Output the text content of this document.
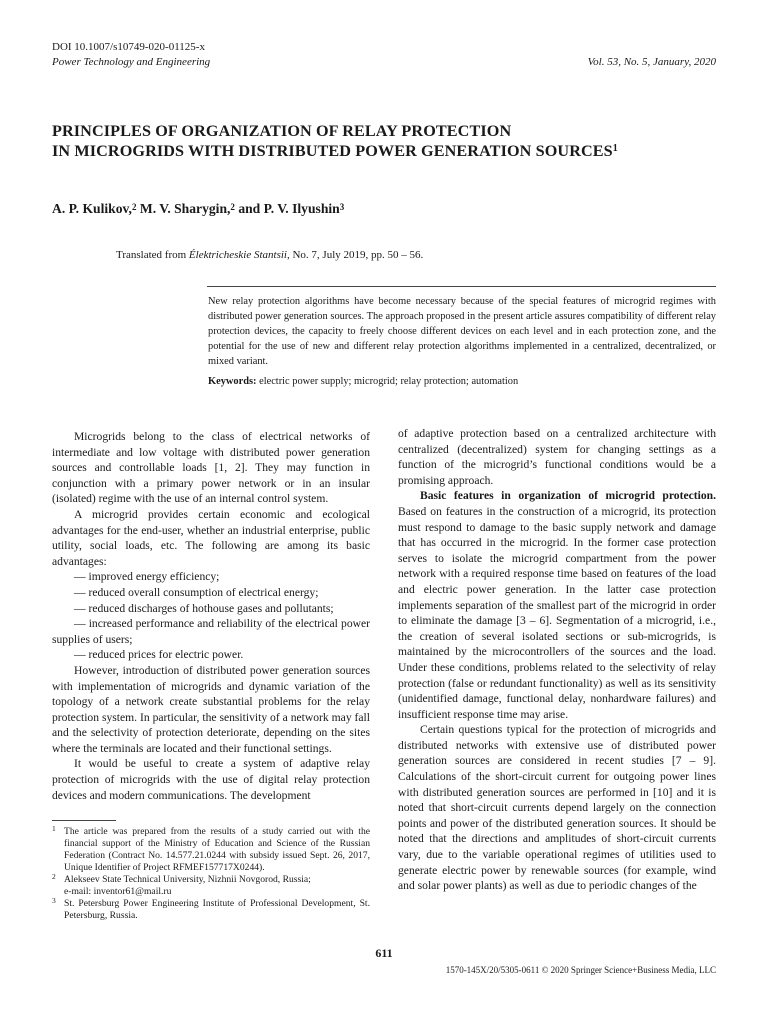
DOI 10.1007/s10749-020-01125-x
Power Technology and Engineering	Vol. 53, No. 5, January, 2020
PRINCIPLES OF ORGANIZATION OF RELAY PROTECTION
IN MICROGRIDS WITH DISTRIBUTED POWER GENERATION SOURCES$^1$
A. P. Kulikov,$^2$ M. V. Sharygin,$^2$ and P. V. Ilyushin$^3$
Translated from Élektricheskie Stantsii, No. 7, July 2019, pp. 50 – 56.
New relay protection algorithms have become necessary because of the special features of microgrid regimes with distributed power generation sources. The approach proposed in the present article assures compatibility of different relay protection devices, the capacity to freely choose different devices on each level and in each protection zone, and the potential for the use of new and different relay protection algorithms implemented in a centralized, decentralized, or mixed variant.
Keywords: electric power supply; microgrid; relay protection; automation

Microgrids belong to the class of electrical networks of intermediate and low voltage with distributed power generation sources and controllable loads [1, 2]. They may function in conjunction with a primary power network or in an insular (isolated) regime with the use of an internal control system.

A microgrid provides certain economic and ecological advantages for the end-user, whether an industrial enterprise, public utility, social loads, etc. The following are among its basic advantages:

— improved energy efficiency;

— reduced overall consumption of electrical energy;

— reduced discharges of hothouse gases and pollutants;

— increased performance and reliability of the electrical power supplies of users;

— reduced prices for electric power.

However, introduction of distributed power generation sources with implementation of microgrids and dynamic variation of the topology of a network create substantial problems for the relay protection system. In particular, the sensitivity of a network may fall and the selectivity of protection deteriorate, depending on the sites where the terminals are located and their functional settings.

It would be useful to create a system of adaptive relay protection of microgrids with the use of digital relay protection devices and modern communications. The development

of adaptive protection based on a centralized architecture with centralized (decentralized) system for changing settings as a function of the microgrid’s functional conditions would be a promising approach.

Basic features in organization of microgrid protection. Based on features in the construction of a microgrid, its protection must respond to damage to the basic supply network and damage that has occurred in the microgrid. In the former case protection serves to isolate the microgrid compartment from the power network with a required response time based on features of the load and electric power generation. In the latter case protection implements separation of the smallest part of the microgrid in order to eliminate the damage [3 – 6]. Segmentation of a microgrid, i.e., the creation of several isolated sections or sub-microgrids, is maintained by the microcontrollers of the sources and the load. Under these conditions, problems related to the selectivity of relay protection (false or redundant functionality) as well as its sensitivity (unidentified damage, functional delay, nonhardware failures) and insufficient response time may arise.

Certain questions typical for the protection of microgrids and distributed networks with extensive use of distributed power generation sources are considered in recent studies [7 – 9]. Calculations of the short-circuit current for outgoing power lines with distributed generation sources are performed in [10] and it is noted that short-circuit currents depend largely on the connection points and power of the distributed generation sources. It should be noted that the directions and amplitudes of short-circuit currents vary, due to the variable operational regimes of utilities used to generate electric power by renewable sources (for example, wind and solar power plants) as well as due to periodic changes of the

1 The article was prepared from the results of a study carried out with the financial support of the Ministry of Education and Science of the Russian Federation (Contract No. 14.577.21.0244 with subsidy issued Sept. 26, 2017, Unique Identifier of Project RFMEF157717X0244).

2 Alekseev State Technical University, Nizhnii Novgorod, Russia;

e-mail: inventor61@mail.ru

3 St. Petersburg Power Engineering Institute of Professional Development, St. Petersburg, Russia.

611
1570-145X/20/5305-0611 © 2020 Springer Science+Business Media, LLC
